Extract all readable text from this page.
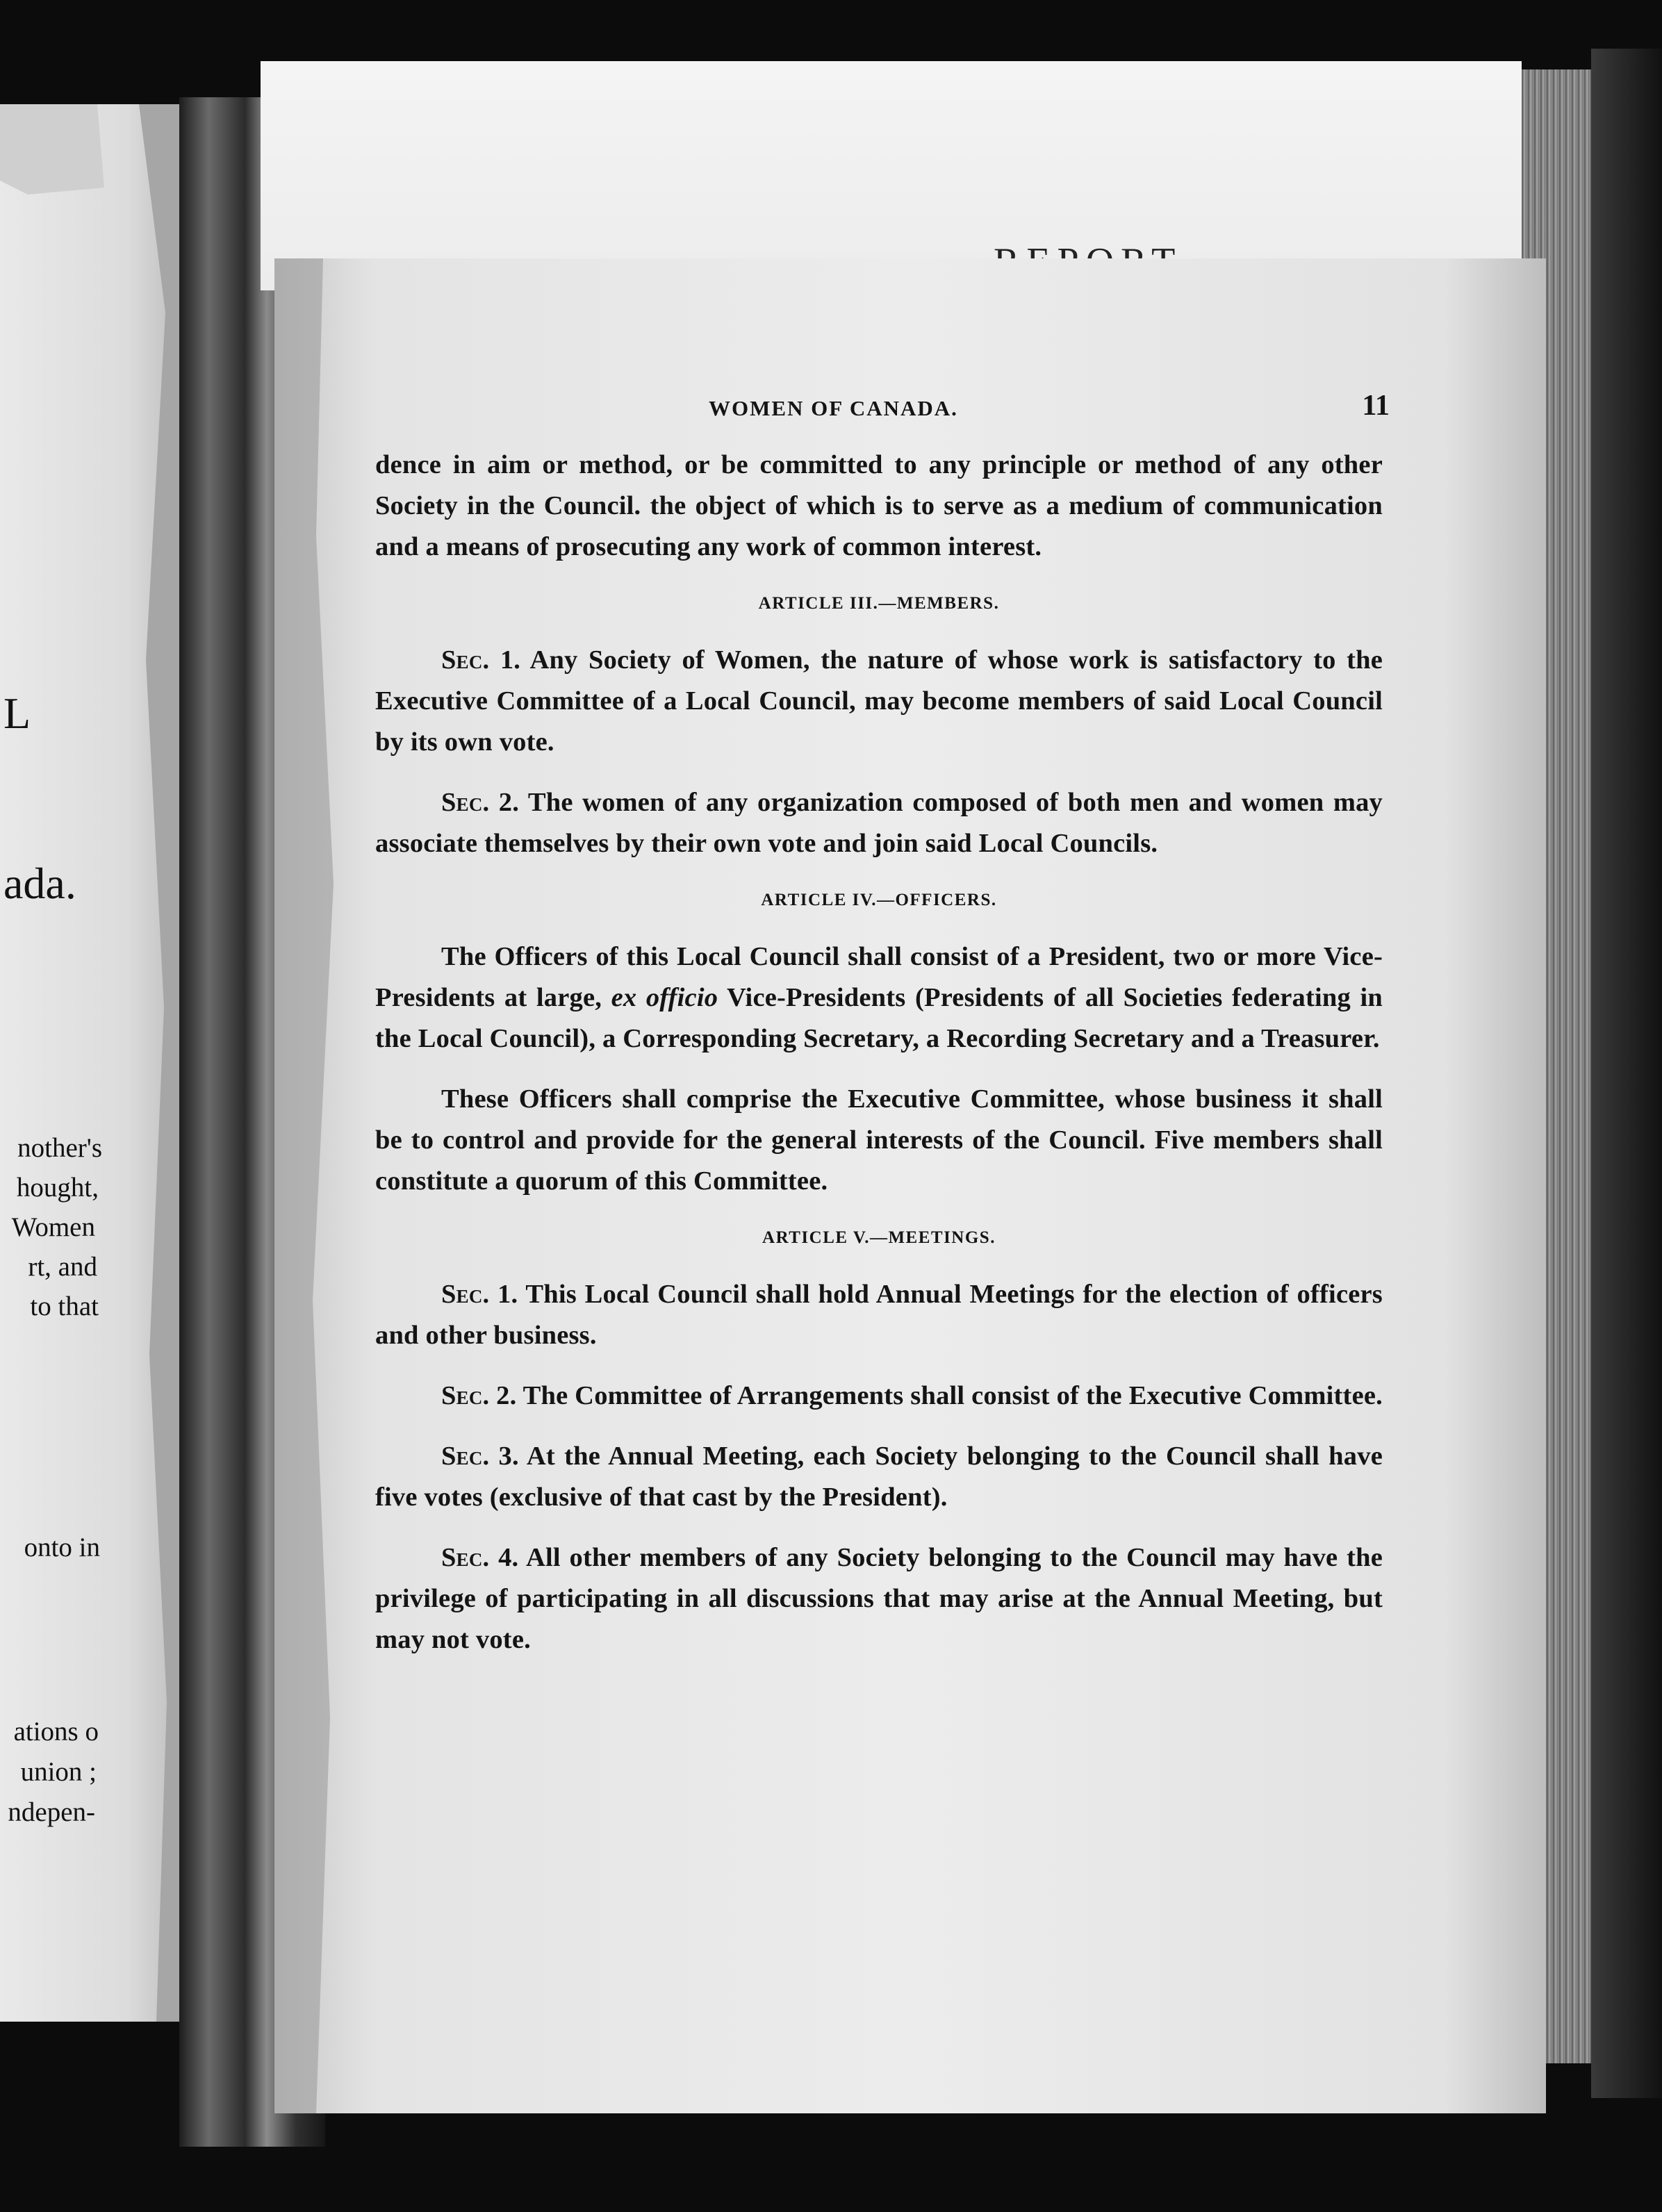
L
ada.
nother's
hought,
Women
rt, and
to that
onto in
ations o
union ;
ndepen-
WOMEN OF CANADA.	11

dence in aim or method, or be committed to any principle or method of any other Society in the Council. the object of which is to serve as a medium of communication and a means of prosecuting any work of common interest.

ARTICLE III.—MEMBERS.

Sec. 1. Any Society of Women, the nature of whose work is satisfactory to the Executive Committee of a Local Council, may become members of said Local Council by its own vote.

Sec. 2. The women of any organization composed of both men and women may associate themselves by their own vote and join said Local Councils.

ARTICLE IV.—OFFICERS.

The Officers of this Local Council shall consist of a President, two or more Vice-Presidents at large, ex officio Vice-Presidents (Presidents of all Societies federating in the Local Council), a Corresponding Secretary, a Recording Secretary and a Treasurer.

These Officers shall comprise the Executive Committee, whose business it shall be to control and provide for the general interests of the Council. Five members shall constitute a quorum of this Committee.

ARTICLE V.—MEETINGS.

Sec. 1. This Local Council shall hold Annual Meetings for the election of officers and other business.

Sec. 2. The Committee of Arrangements shall consist of the Executive Committee.

Sec. 3. At the Annual Meeting, each Society belonging to the Council shall have five votes (exclusive of that cast by the President).

Sec. 4. All other members of any Society belonging to the Council may have the privilege of participating in all discussions that may arise at the Annual Meeting, but may not vote.
